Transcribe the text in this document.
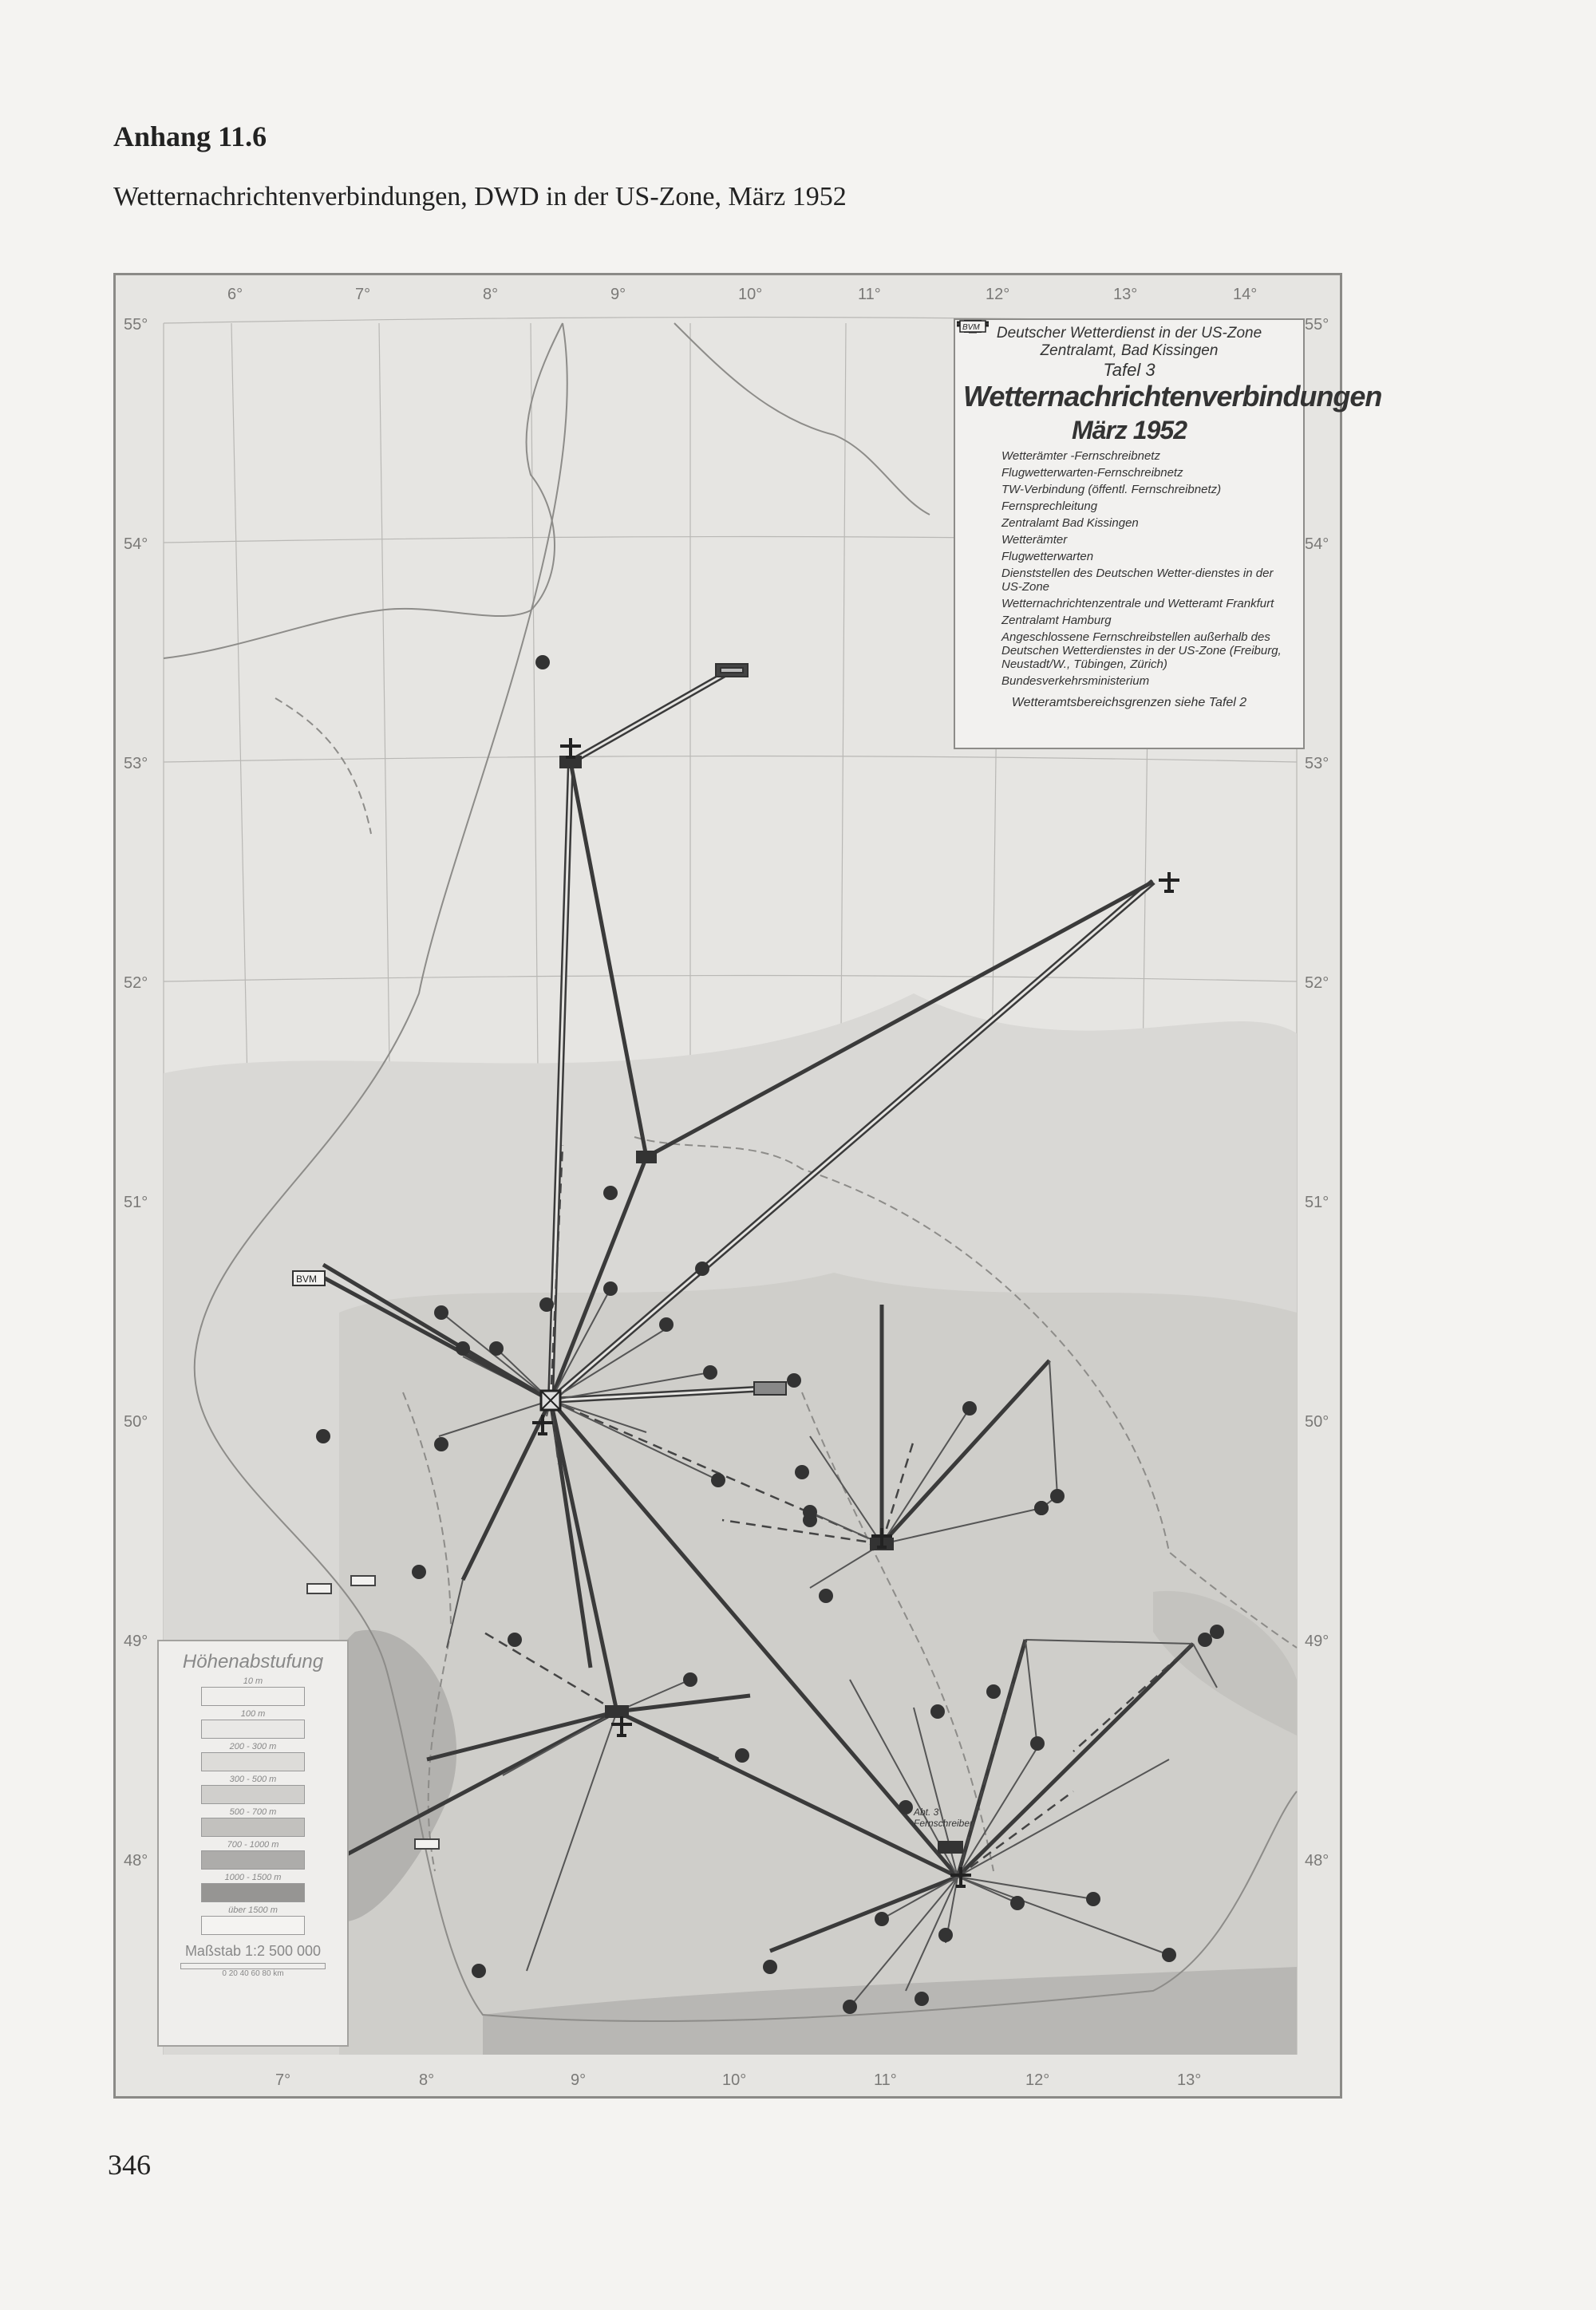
Anhang 11.6
Wetternachrichtenverbindungen, DWD in der US-Zone, März 1952
6°	7°	8°	9°	10°	11°	12°	13°	14°
7°	8°	9°	10°	11°	12°	13°
55°	55°
54°	54°
53°	53°
52°	52°
51°	51°
50°	50°
49°	49°
48°	48°
BVM
Abt. 3
Fernschreiber
Deutscher Wetterdienst in der US-Zone
Zentralamt, Bad Kissingen
Tafel 3
Wetternachrichtenverbindungen
März 1952
Wetterämter -Fernschreibnetz
Flugwetterwarten-Fernschreibnetz
TW-Verbindung (öffentl. Fernschreibnetz)
Fernsprechleitung
Zentralamt Bad Kissingen
Wetterämter
Flugwetterwarten
Dienststellen des Deutschen Wetter-dienstes in der US-Zone
Wetternachrichtenzentrale und Wetteramt Frankfurt
Zentralamt Hamburg
Angeschlossene Fernschreibstellen außerhalb des Deutschen Wetterdienstes in der US-Zone (Freiburg, Neustadt/W., Tübingen, Zürich)
BVM
Bundesverkehrsministerium
Wetteramtsbereichsgrenzen siehe Tafel 2
Höhenabstufung
10 m
100 m
200 - 300 m
300 - 500 m
500 - 700 m
700 - 1000 m
1000 - 1500 m
über 1500 m
Maßstab 1:2 500 000
0 20 40 60 80 km
346
